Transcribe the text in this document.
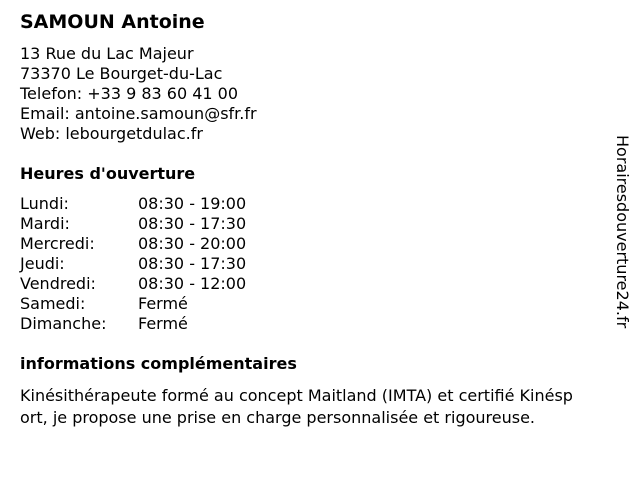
SAMOUN Antoine
13 Rue du Lac Majeur
73370 Le Bourget-du-Lac
Telefon: +33 9 83 60 41 00
Email: antoine.samoun@sfr.fr
Web: lebourgetdulac.fr
Heures d'ouverture
Lundi:	08:30 - 19:00
Mardi:	08:30 - 17:30
Mercredi:	08:30 - 20:00
Jeudi:	08:30 - 17:30
Vendredi:	08:30 - 12:00
Samedi:	Fermé
Dimanche: Fermé
informations complémentaires
Kinésithérapeute formé au concept Maitland (IMTA) et certifié Kinésp
ort, je propose une prise en charge personnalisée et rigoureuse.
Horairesdouverture24.fr
